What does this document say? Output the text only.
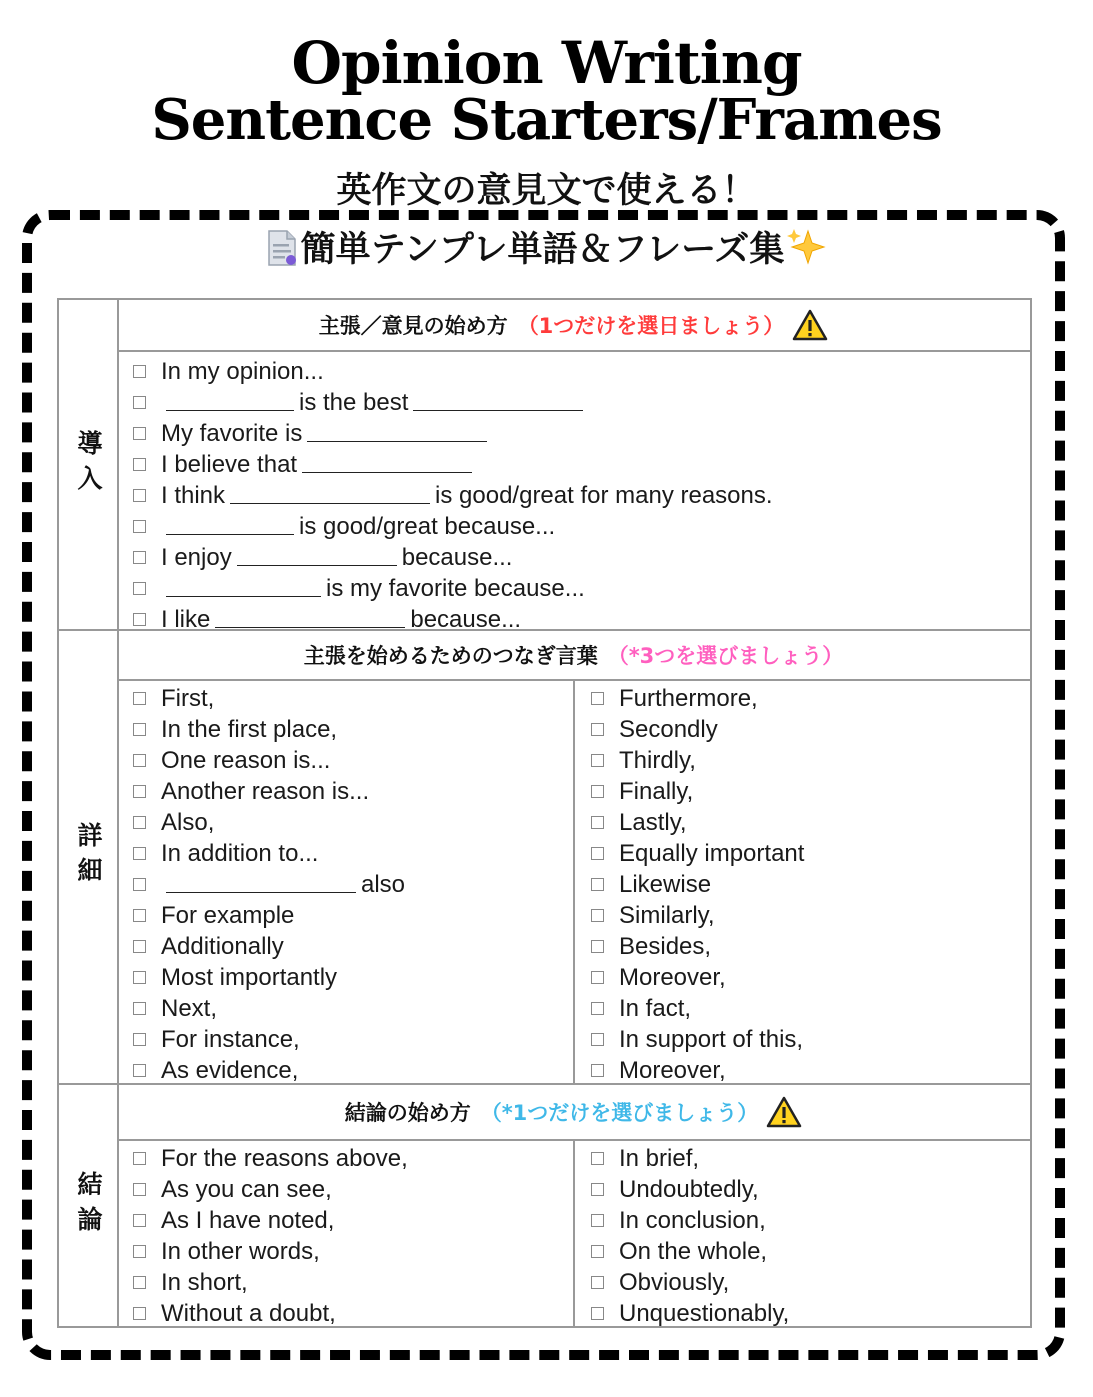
Opinion Writing
Sentence Starters/Frames
英作文の意見文で使える！
簡単テンプレ単語＆フレーズ集
導入
主張／意見の始め方 （1つだけを選日ましょう）
In my opinion...
is the best
My favorite is
I believe that
I think	is good/great for many reasons.
is good/great because...
I enjoy	because...
is my favorite because...
I like	because...
詳細
主張を始めるためのつなぎ言葉 （*3つを選びましょう）
First,
In the first place,
One reason is...
Another reason is...
Also,
In addition to...
also
For example
Additionally
Most importantly
Next,
For instance,
As evidence,
Furthermore,
Secondly
Thirdly,
Finally,
Lastly,
Equally important
Likewise
Similarly,
Besides,
Moreover,
In fact,
In support of this,
Moreover,
結論
結論の始め方 （*1つだけを選びましょう）
For the reasons above,
As you can see,
As I have noted,
In other words,
In short,
Without a doubt,
In brief,
Undoubtedly,
In conclusion,
On the whole,
Obviously,
Unquestionably,
